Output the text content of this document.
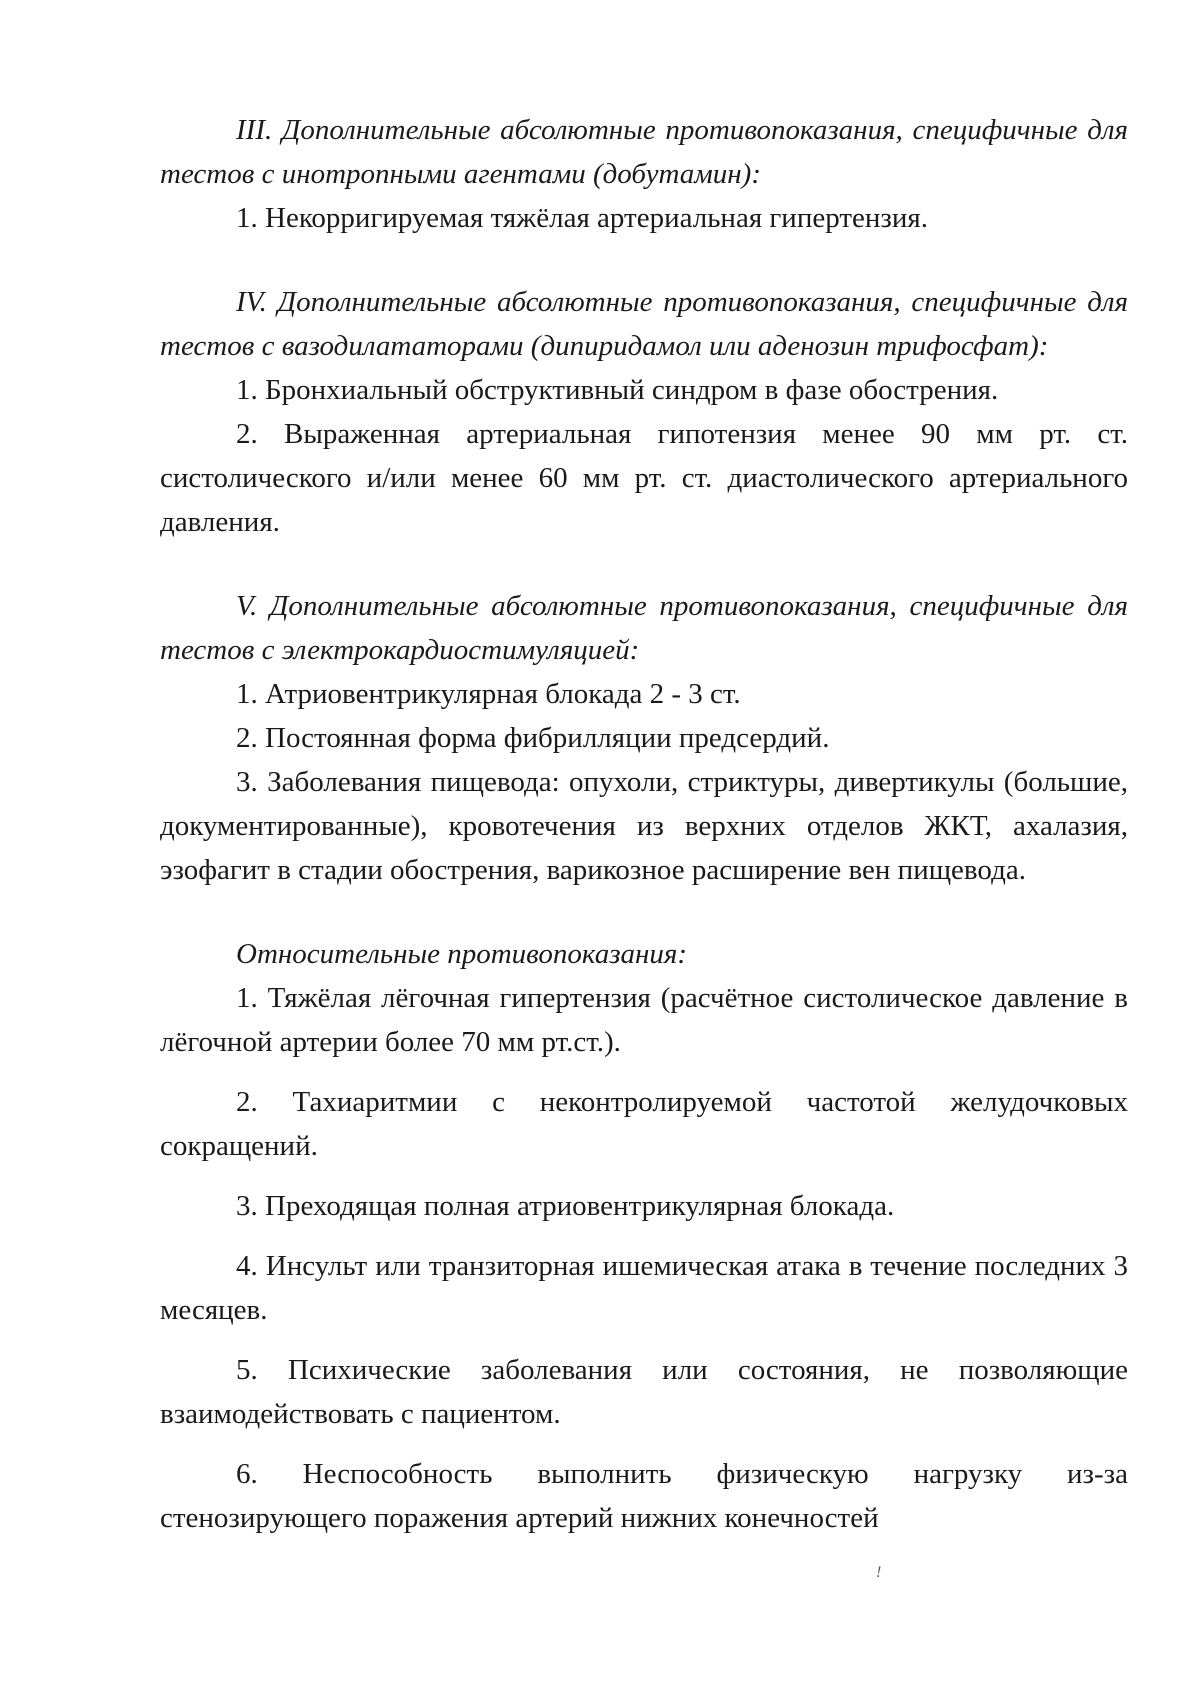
III. Дополнительные абсолютные противопоказания, специфичные для тестов с инотропными агентами (добутамин):

1. Некорригируемая тяжёлая артериальная гипертензия.

IV. Дополнительные абсолютные противопоказания, специфичные для тестов с вазодилататорами (дипиридамол или аденозин трифосфат):

1. Бронхиальный обструктивный синдром в фазе обострения.

2. Выраженная артериальная гипотензия менее 90 мм рт. ст. систолического и/или менее 60 мм рт. ст. диастолического артериального давления.

V. Дополнительные абсолютные противопоказания, специфичные для тестов с электрокардиостимуляцией:

1. Атриовентрикулярная блокада 2 - 3 ст.

2. Постоянная форма фибрилляции предсердий.

3. Заболевания пищевода: опухоли, стриктуры, дивертикулы (большие, документированные), кровотечения из верхних отделов ЖКТ, ахалазия, эзофагит в стадии обострения, варикозное расширение вен пищевода.

Относительные противопоказания:

1. Тяжёлая лёгочная гипертензия (расчётное систолическое давление в лёгочной артерии более 70 мм рт.ст.).

2. Тахиаритмии с неконтролируемой частотой желудочковых сокращений.

3. Преходящая полная атриовентрикулярная блокада.

4. Инсульт или транзиторная ишемическая атака в течение последних 3 месяцев.

5. Психические заболевания или состояния, не позволяющие взаимодействовать с пациентом.

6. Неспособность выполнить физическую нагрузку из-за стенозирующего поражения артерий нижних конечностей

!
